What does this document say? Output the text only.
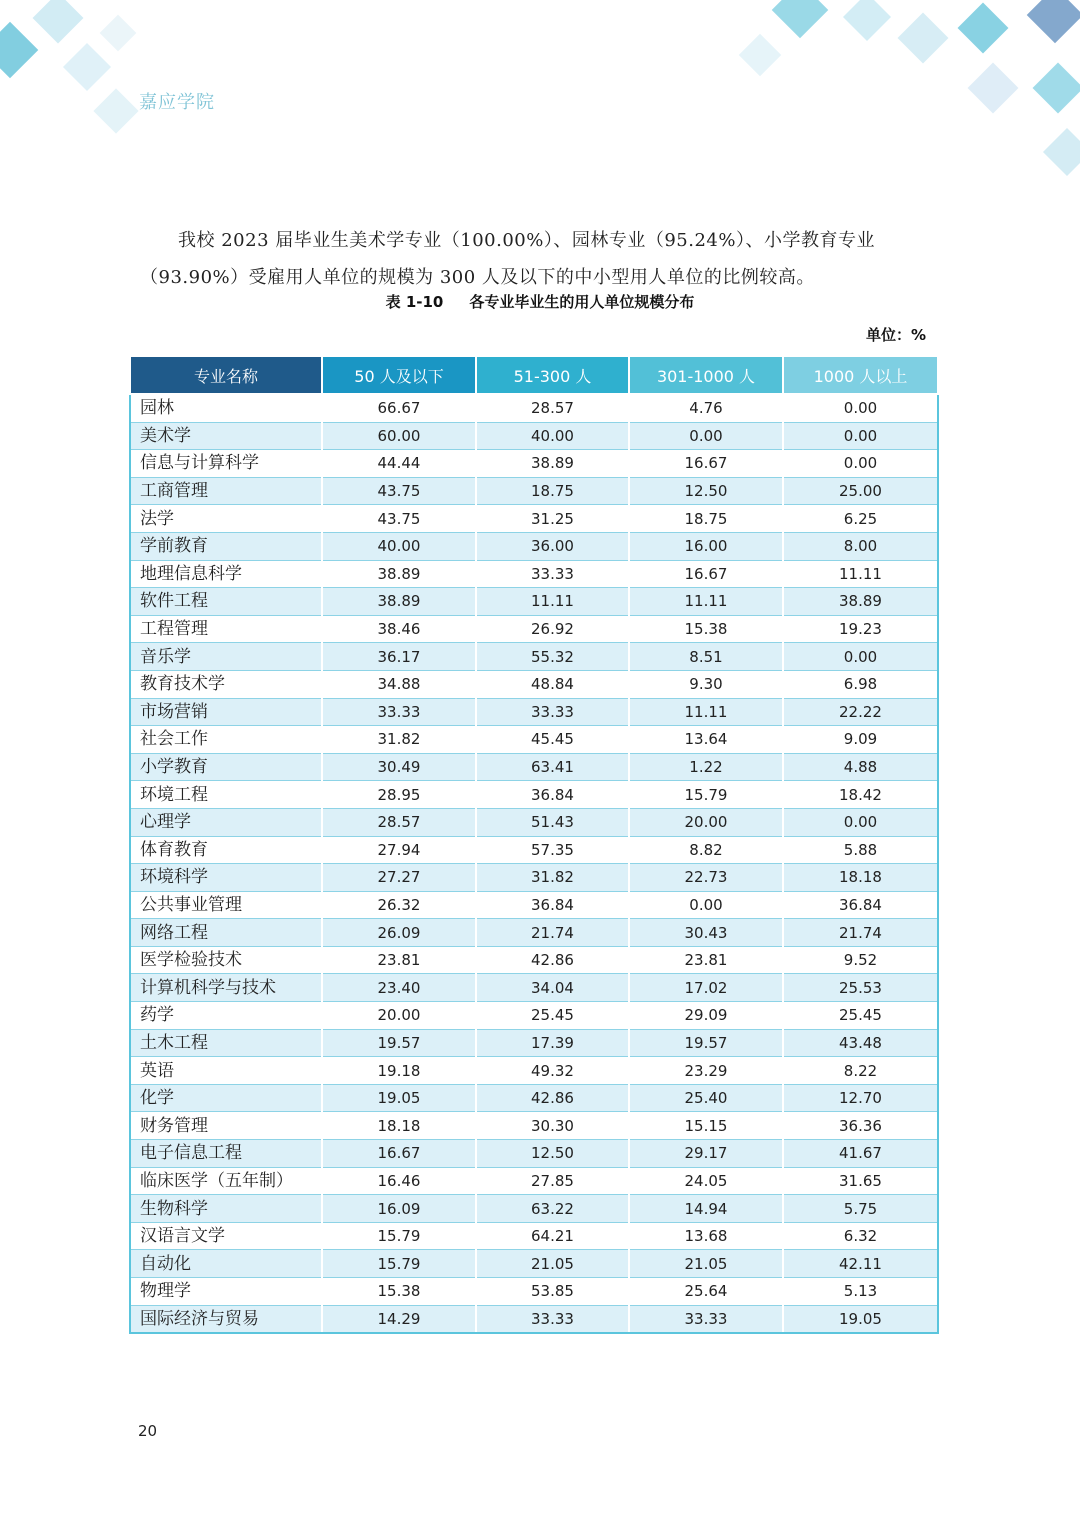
嘉应学院

我校 2023 届毕业生美术学专业（100.00%）、园林专业（95.24%）、小学教育专业（93.90%）受雇用人单位的规模为 300 人及以下的中小型用人单位的比例较高。

表 1-10 各专业毕业生的用人单位规模分布
单位：%
专业名称	50 人及以下	51-300 人	301-1000 人	1000 人以上
园林	66.67	28.57	4.76	0.00
美术学	60.00	40.00	0.00	0.00
信息与计算科学	44.44	38.89	16.67	0.00
工商管理	43.75	18.75	12.50	25.00
法学	43.75	31.25	18.75	6.25
学前教育	40.00	36.00	16.00	8.00
地理信息科学	38.89	33.33	16.67	11.11
软件工程	38.89	11.11	11.11	38.89
工程管理	38.46	26.92	15.38	19.23
音乐学	36.17	55.32	8.51	0.00
教育技术学	34.88	48.84	9.30	6.98
市场营销	33.33	33.33	11.11	22.22
社会工作	31.82	45.45	13.64	9.09
小学教育	30.49	63.41	1.22	4.88
环境工程	28.95	36.84	15.79	18.42
心理学	28.57	51.43	20.00	0.00
体育教育	27.94	57.35	8.82	5.88
环境科学	27.27	31.82	22.73	18.18
公共事业管理	26.32	36.84	0.00	36.84
网络工程	26.09	21.74	30.43	21.74
医学检验技术	23.81	42.86	23.81	9.52
计算机科学与技术	23.40	34.04	17.02	25.53
药学	20.00	25.45	29.09	25.45
土木工程	19.57	17.39	19.57	43.48
英语	19.18	49.32	23.29	8.22
化学	19.05	42.86	25.40	12.70
财务管理	18.18	30.30	15.15	36.36
电子信息工程	16.67	12.50	29.17	41.67
临床医学（五年制）	16.46	27.85	24.05	31.65
生物科学	16.09	63.22	14.94	5.75
汉语言文学	15.79	64.21	13.68	6.32
自动化	15.79	21.05	21.05	42.11
物理学	15.38	53.85	25.64	5.13
国际经济与贸易	14.29	33.33	33.33	19.05
20
